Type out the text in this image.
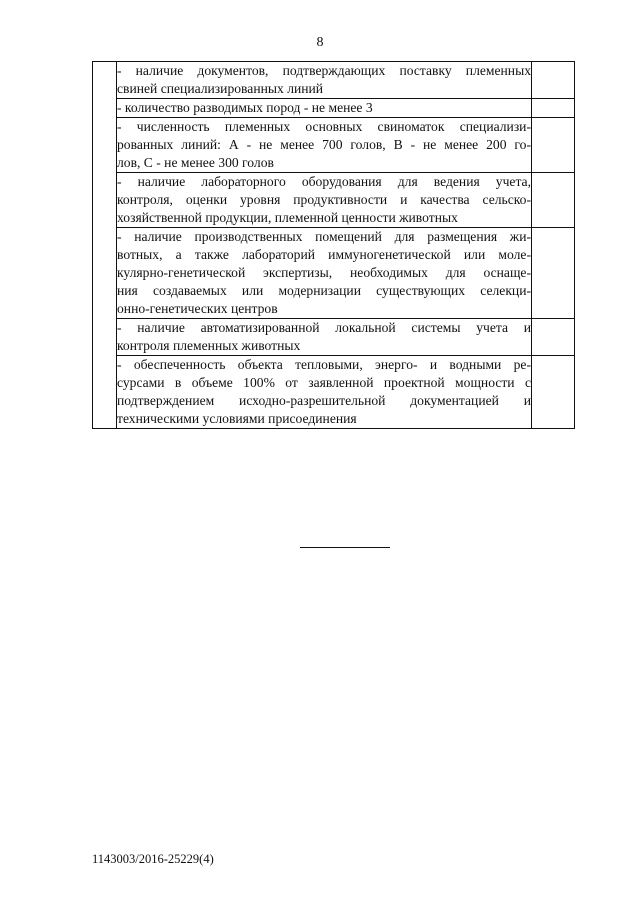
8

	- наличие документов, подтверждающих поставку племенных
свиней специализированных линий	

	- количество разводимых пород - не менее 3	

	- численность племенных основных свиноматок специализи-
рованных линий: А - не менее 700 голов, В - не менее 200 го-
лов, С - не менее 300 голов	

	- наличие лабораторного оборудования для ведения учета,
контроля, оценки уровня продуктивности и качества сельско-
хозяйственной продукции, племенной ценности животных	

	- наличие производственных помещений для размещения жи-
вотных, а также лабораторий иммуногенетической или моле-
кулярно-генетической экспертизы, необходимых для оснаще-
ния создаваемых или модернизации существующих селекци-
онно-генетических центров	

	- наличие автоматизированной локальной системы учета и
контроля племенных животных	

	- обеспеченность объекта тепловыми, энерго- и водными ре-
сурсами в объеме 100% от заявленной проектной мощности с
подтверждением исходно-разрешительной документацией и
техническими условиями присоединения	

1143003/2016-25229(4)
